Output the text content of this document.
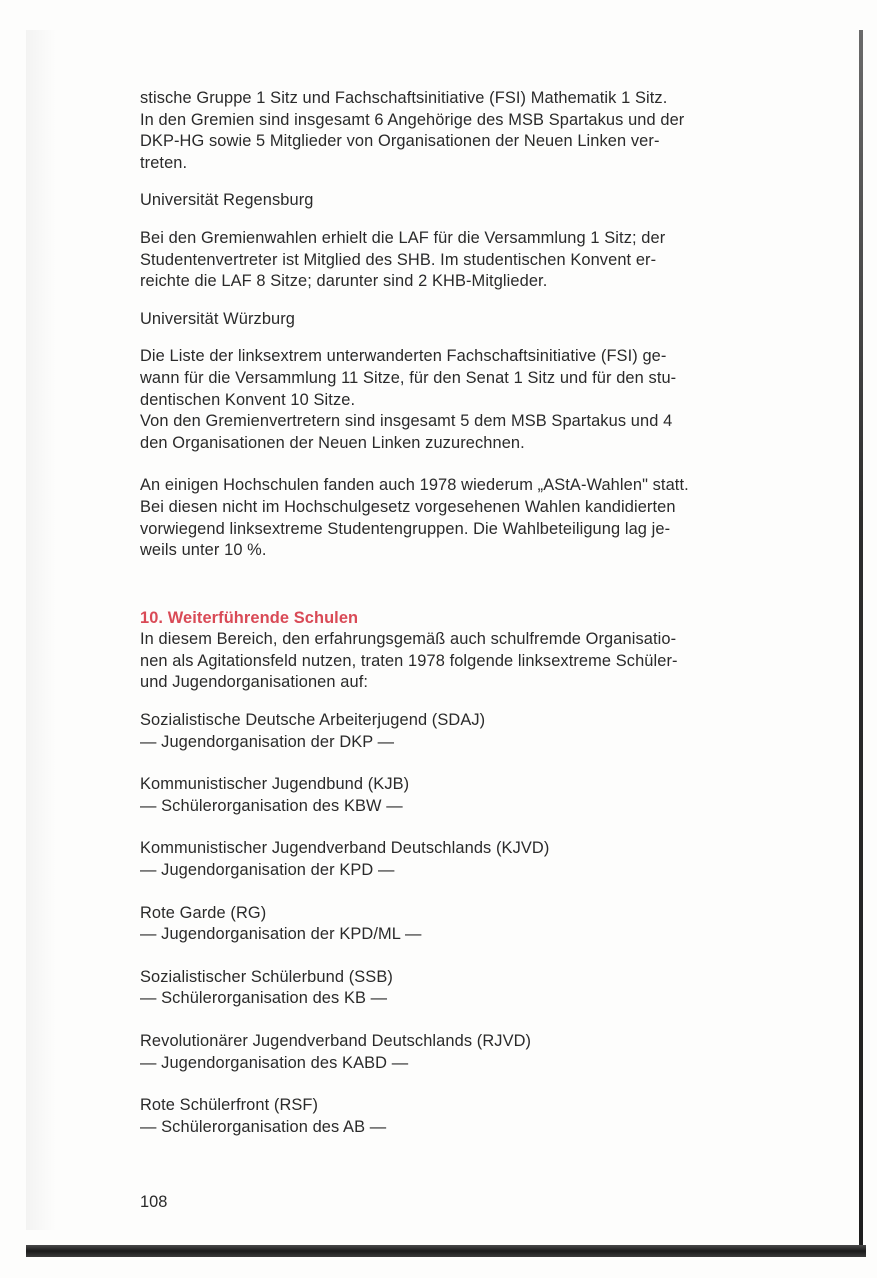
stische Gruppe 1 Sitz und Fachschaftsinitiative (FSI) Mathematik 1 Sitz.
In den Gremien sind insgesamt 6 Angehörige des MSB Spartakus und der
DKP-HG sowie 5 Mitglieder von Organisationen der Neuen Linken ver-
treten.

Universität Regensburg

Bei den Gremienwahlen erhielt die LAF für die Versammlung 1 Sitz; der
Studentenvertreter ist Mitglied des SHB. Im studentischen Konvent er-
reichte die LAF 8 Sitze; darunter sind 2 KHB-Mitglieder.

Universität Würzburg

Die Liste der linksextrem unterwanderten Fachschaftsinitiative (FSI) ge-
wann für die Versammlung 11 Sitze, für den Senat 1 Sitz und für den stu-
dentischen Konvent 10 Sitze.
Von den Gremienvertretern sind insgesamt 5 dem MSB Spartakus und 4
den Organisationen der Neuen Linken zuzurechnen.

An einigen Hochschulen fanden auch 1978 wiederum „AStA-Wahlen" statt.
Bei diesen nicht im Hochschulgesetz vorgesehenen Wahlen kandidierten
vorwiegend linksextreme Studentengruppen. Die Wahlbeteiligung lag je-
weils unter 10 %.

10. Weiterführende Schulen

In diesem Bereich, den erfahrungsgemäß auch schulfremde Organisatio-
nen als Agitationsfeld nutzen, traten 1978 folgende linksextreme Schüler-
und Jugendorganisationen auf:

Sozialistische Deutsche Arbeiterjugend (SDAJ)

— Jugendorganisation der DKP —

Kommunistischer Jugendbund (KJB)

— Schülerorganisation des KBW —

Kommunistischer Jugendverband Deutschlands (KJVD)

— Jugendorganisation der KPD —

Rote Garde (RG)

— Jugendorganisation der KPD/ML —

Sozialistischer Schülerbund (SSB)

— Schülerorganisation des KB —

Revolutionärer Jugendverband Deutschlands (RJVD)

— Jugendorganisation des KABD —

Rote Schülerfront (RSF)

— Schülerorganisation des AB —

108
